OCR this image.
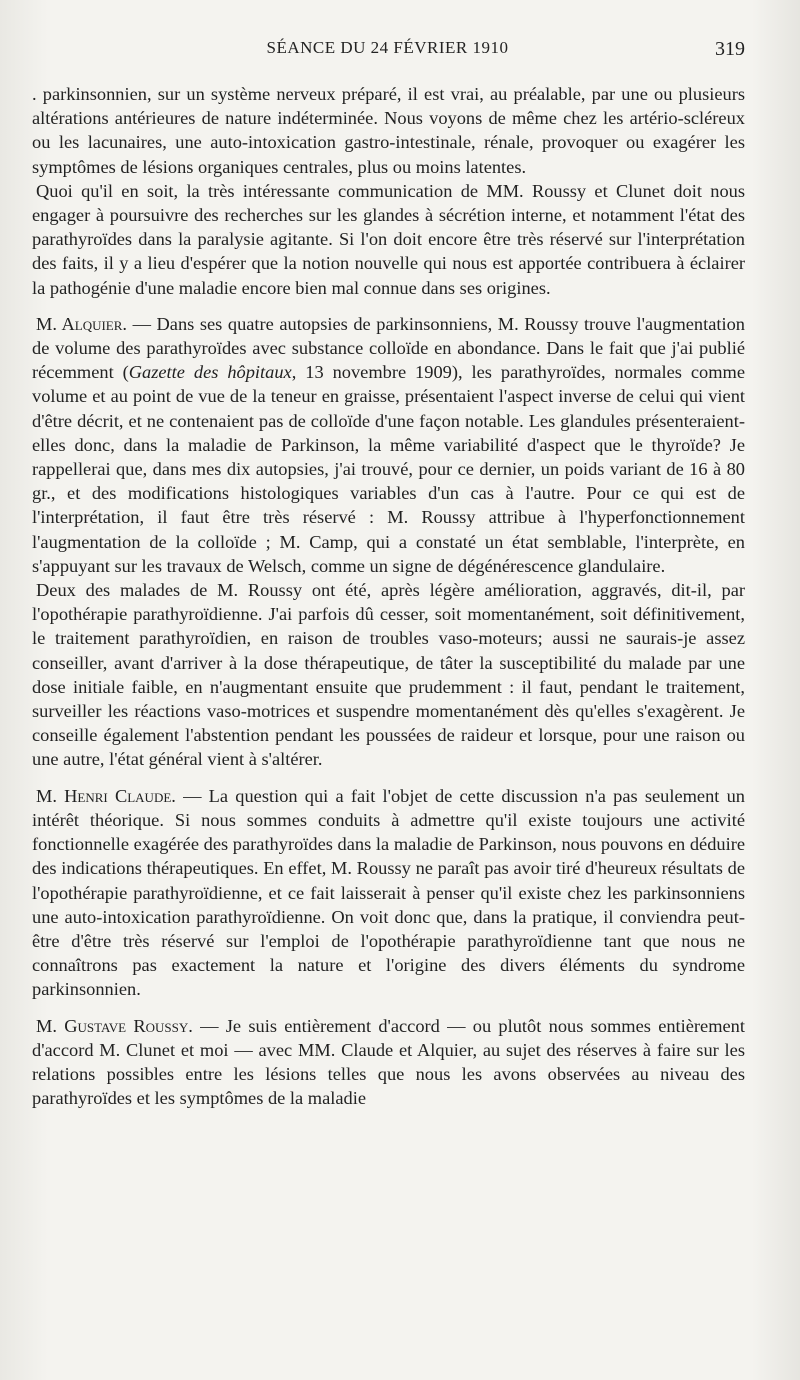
SÉANCE DU 24 FÉVRIER 1910	319

. parkinsonnien, sur un système nerveux préparé, il est vrai, au préalable, par une ou plusieurs altérations antérieures de nature indéterminée. Nous voyons de même chez les artério-scléreux ou les lacunaires, une auto-intoxication gastro-intestinale, rénale, provoquer ou exagérer les symptômes de lésions organiques centrales, plus ou moins latentes.

Quoi qu'il en soit, la très intéressante communication de MM. Roussy et Clunet doit nous engager à poursuivre des recherches sur les glandes à sécrétion interne, et notamment l'état des parathyroïdes dans la paralysie agitante. Si l'on doit encore être très réservé sur l'interprétation des faits, il y a lieu d'espérer que la notion nouvelle qui nous est apportée contribuera à éclairer la pathogénie d'une maladie encore bien mal connue dans ses origines.

M. Alquier. — Dans ses quatre autopsies de parkinsonniens, M. Roussy trouve l'augmentation de volume des parathyroïdes avec substance colloïde en abondance. Dans le fait que j'ai publié récemment (Gazette des hôpitaux, 13 novembre 1909), les parathyroïdes, normales comme volume et au point de vue de la teneur en graisse, présentaient l'aspect inverse de celui qui vient d'être décrit, et ne contenaient pas de colloïde d'une façon notable. Les glandules présenteraient-elles donc, dans la maladie de Parkinson, la même variabilité d'aspect que le thyroïde? Je rappellerai que, dans mes dix autopsies, j'ai trouvé, pour ce dernier, un poids variant de 16 à 80 gr., et des modifications histologiques variables d'un cas à l'autre. Pour ce qui est de l'interprétation, il faut être très réservé : M. Roussy attribue à l'hyperfonctionnement l'augmentation de la colloïde ; M. Camp, qui a constaté un état semblable, l'interprète, en s'appuyant sur les travaux de Welsch, comme un signe de dégénérescence glandulaire.

Deux des malades de M. Roussy ont été, après légère amélioration, aggravés, dit-il, par l'opothérapie parathyroïdienne. J'ai parfois dû cesser, soit momentanément, soit définitivement, le traitement parathyroïdien, en raison de troubles vaso-moteurs; aussi ne saurais-je assez conseiller, avant d'arriver à la dose thérapeutique, de tâter la susceptibilité du malade par une dose initiale faible, en n'augmentant ensuite que prudemment : il faut, pendant le traitement, surveiller les réactions vaso-motrices et suspendre momentanément dès qu'elles s'exagèrent. Je conseille également l'abstention pendant les poussées de raideur et lorsque, pour une raison ou une autre, l'état général vient à s'altérer.

M. Henri Claude. — La question qui a fait l'objet de cette discussion n'a pas seulement un intérêt théorique. Si nous sommes conduits à admettre qu'il existe toujours une activité fonctionnelle exagérée des parathyroïdes dans la maladie de Parkinson, nous pouvons en déduire des indications thérapeutiques. En effet, M. Roussy ne paraît pas avoir tiré d'heureux résultats de l'opothérapie parathyroïdienne, et ce fait laisserait à penser qu'il existe chez les parkinsonniens une auto-intoxication parathyroïdienne. On voit donc que, dans la pratique, il conviendra peut-être d'être très réservé sur l'emploi de l'opothérapie parathyroïdienne tant que nous ne connaîtrons pas exactement la nature et l'origine des divers éléments du syndrome parkinsonnien.

M. Gustave Roussy. — Je suis entièrement d'accord — ou plutôt nous sommes entièrement d'accord M. Clunet et moi — avec MM. Claude et Alquier, au sujet des réserves à faire sur les relations possibles entre les lésions telles que nous les avons observées au niveau des parathyroïdes et les symptômes de la maladie
